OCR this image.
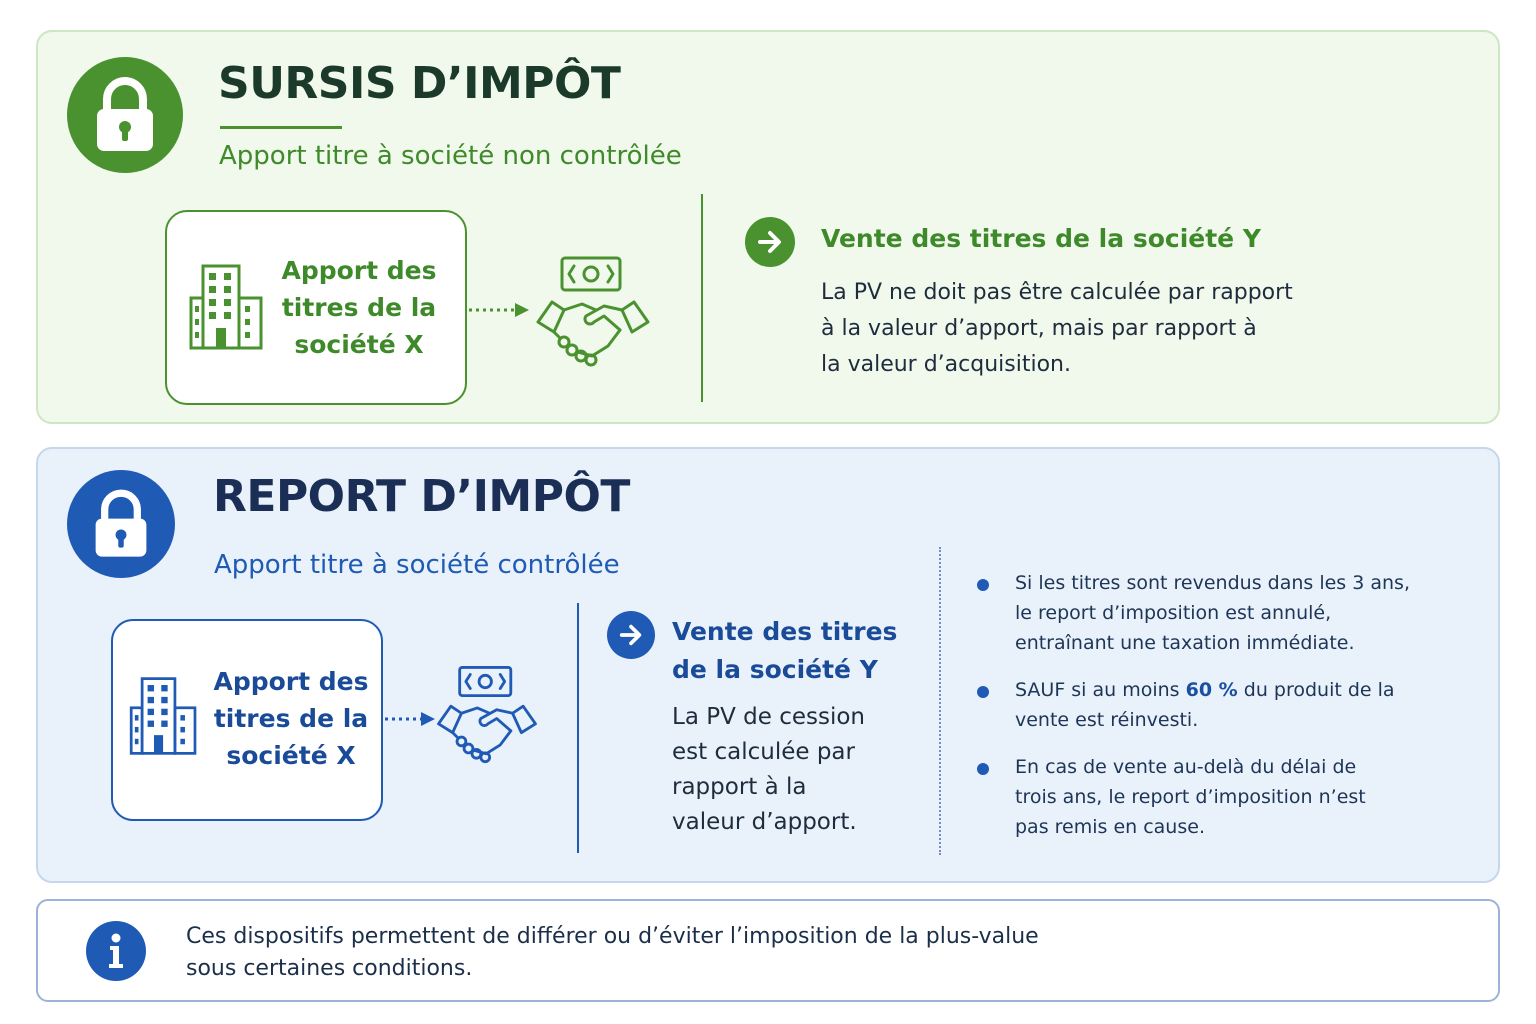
SURSIS D’IMPÔT
Apport titre à société non contrôlée
Apport des
titres de la
société X
Vente des titres de la société Y
La PV ne doit pas être calculée par rapport
à la valeur d’apport, mais par rapport à
la valeur d’acquisition.
REPORT D’IMPÔT
Apport titre à société contrôlée
Apport des
titres de la
société X
Vente des titres
de la société Y
La PV de cession
est calculée par
rapport à la
valeur d’apport.
Si les titres sont revendus dans les 3 ans,
le report d’imposition est annulé,
entraînant une taxation immédiate.
SAUF si au moins 60 % du produit de la
vente est réinvesti.
En cas de vente au-delà du délai de
trois ans, le report d’imposition n’est
pas remis en cause.
Ces dispositifs permettent de différer ou d’éviter l’imposition de la plus-value
sous certaines conditions.
